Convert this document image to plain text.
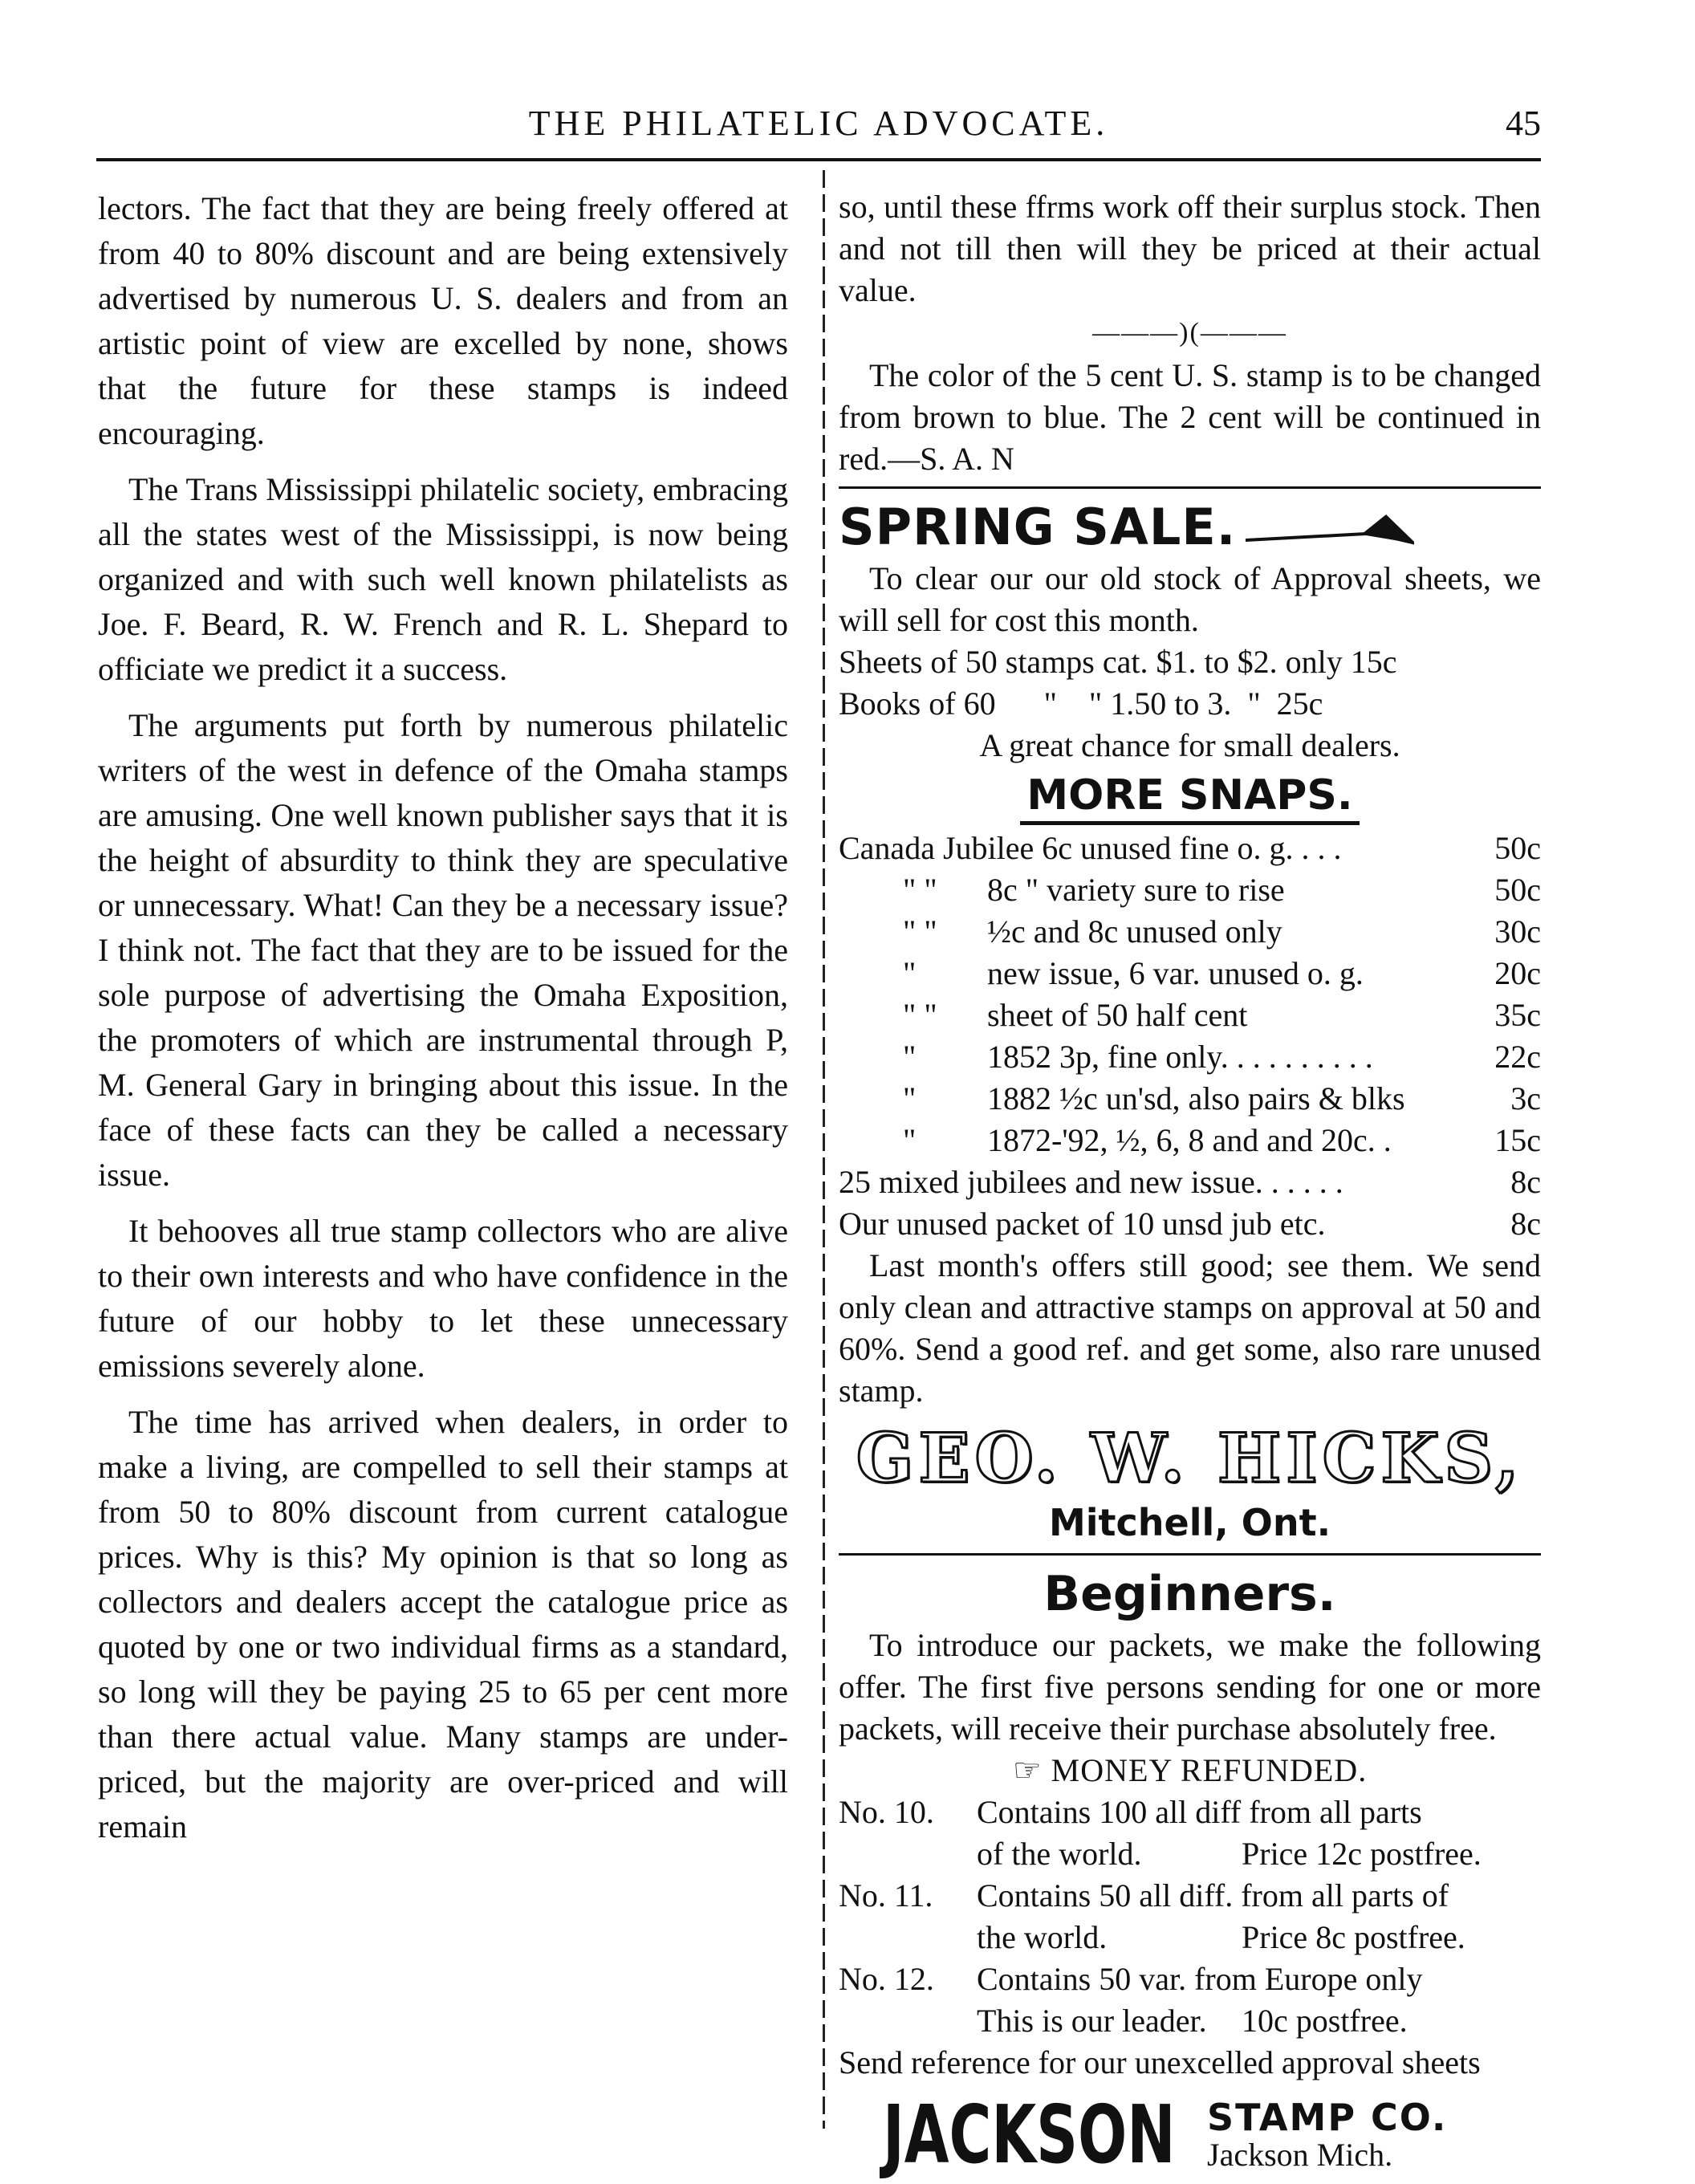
THE PHILATELIC ADVOCATE.	45

lectors. The fact that they are being freely offered at from 40 to 80% discount and are being extensively advertised by numerous U. S. dealers and from an artistic point of view are excelled by none, shows that the future for these stamps is indeed encouraging.

The Trans Mississippi philatelic society, embracing all the states west of the Mississippi, is now being organized and with such well known philatelists as Joe. F. Beard, R. W. French and R. L. Shepard to officiate we predict it a success.

The arguments put forth by numerous philatelic writers of the west in defence of the Omaha stamps are amusing. One well known publisher says that it is the height of absurdity to think they are speculative or unnecessary. What! Can they be a necessary issue? I think not. The fact that they are to be issued for the sole purpose of advertising the Omaha Exposition, the promoters of which are instrumental through P, M. General Gary in bringing about this issue. In the face of these facts can they be called a necessary issue.

It behooves all true stamp collectors who are alive to their own interests and who have confidence in the future of our hobby to let these unnecessary emissions severely alone.

The time has arrived when dealers, in order to make a living, are compelled to sell their stamps at from 50 to 80% discount from current catalogue prices. Why is this? My opinion is that so long as collectors and dealers accept the catalogue price as quoted by one or two individual firms as a standard, so long will they be paying 25 to 65 per cent more than there actual value. Many stamps are under-priced, but the majority are over-priced and will remain

so, until these ffrms work off their surplus stock. Then and not till then will they be priced at their actual value.

———)(———

The color of the 5 cent U. S. stamp is to be changed from brown to blue. The 2 cent will be continued in red.—S. A. N

SPRING SALE.

To clear our our old stock of Approval sheets, we will sell for cost this month.

Sheets of 50 stamps cat. $1. to $2. only 15c
Books of 60      "    " 1.50 to 3.  "  25c
A great chance for small dealers.
MORE SNAPS.
Canada Jubilee 6c unused fine o. g. . . .	50c
" " 8c " variety sure to rise	50c
" " ½c and 8c unused only	30c
" new issue, 6 var. unused o. g.	20c
" " sheet of 50 half cent	35c
" 1852 3p, fine only. . . . . . . . . .	22c
" 1882 ½c un'sd, also pairs & blks	3c
" 1872-'92, ½, 6, 8 and and 20c. .	15c
25 mixed jubilees and new issue. . . . . .	8c
Our unused packet of 10 unsd jub etc.	8c

Last month's offers still good; see them. We send only clean and attractive stamps on approval at 50 and 60%. Send a good ref. and get some, also rare unused stamp.

GEO. W. HICKS,
Mitchell, Ont.
Beginners.

To introduce our packets, we make the following offer. The first five persons sending for one or more packets, will receive their purchase absolutely free.

☞ MONEY REFUNDED.
No. 10.	Contains 100 all diff from all parts
of the world.	Price 12c postfree.
No. 11.	Contains 50 all diff. from all parts of
the world.	Price 8c postfree.
No. 12.	Contains 50 var. from Europe only
This is our leader.	10c postfree.

Send reference for our unexcelled approval sheets

JACKSON STAMP CO.
Jackson Mich.
